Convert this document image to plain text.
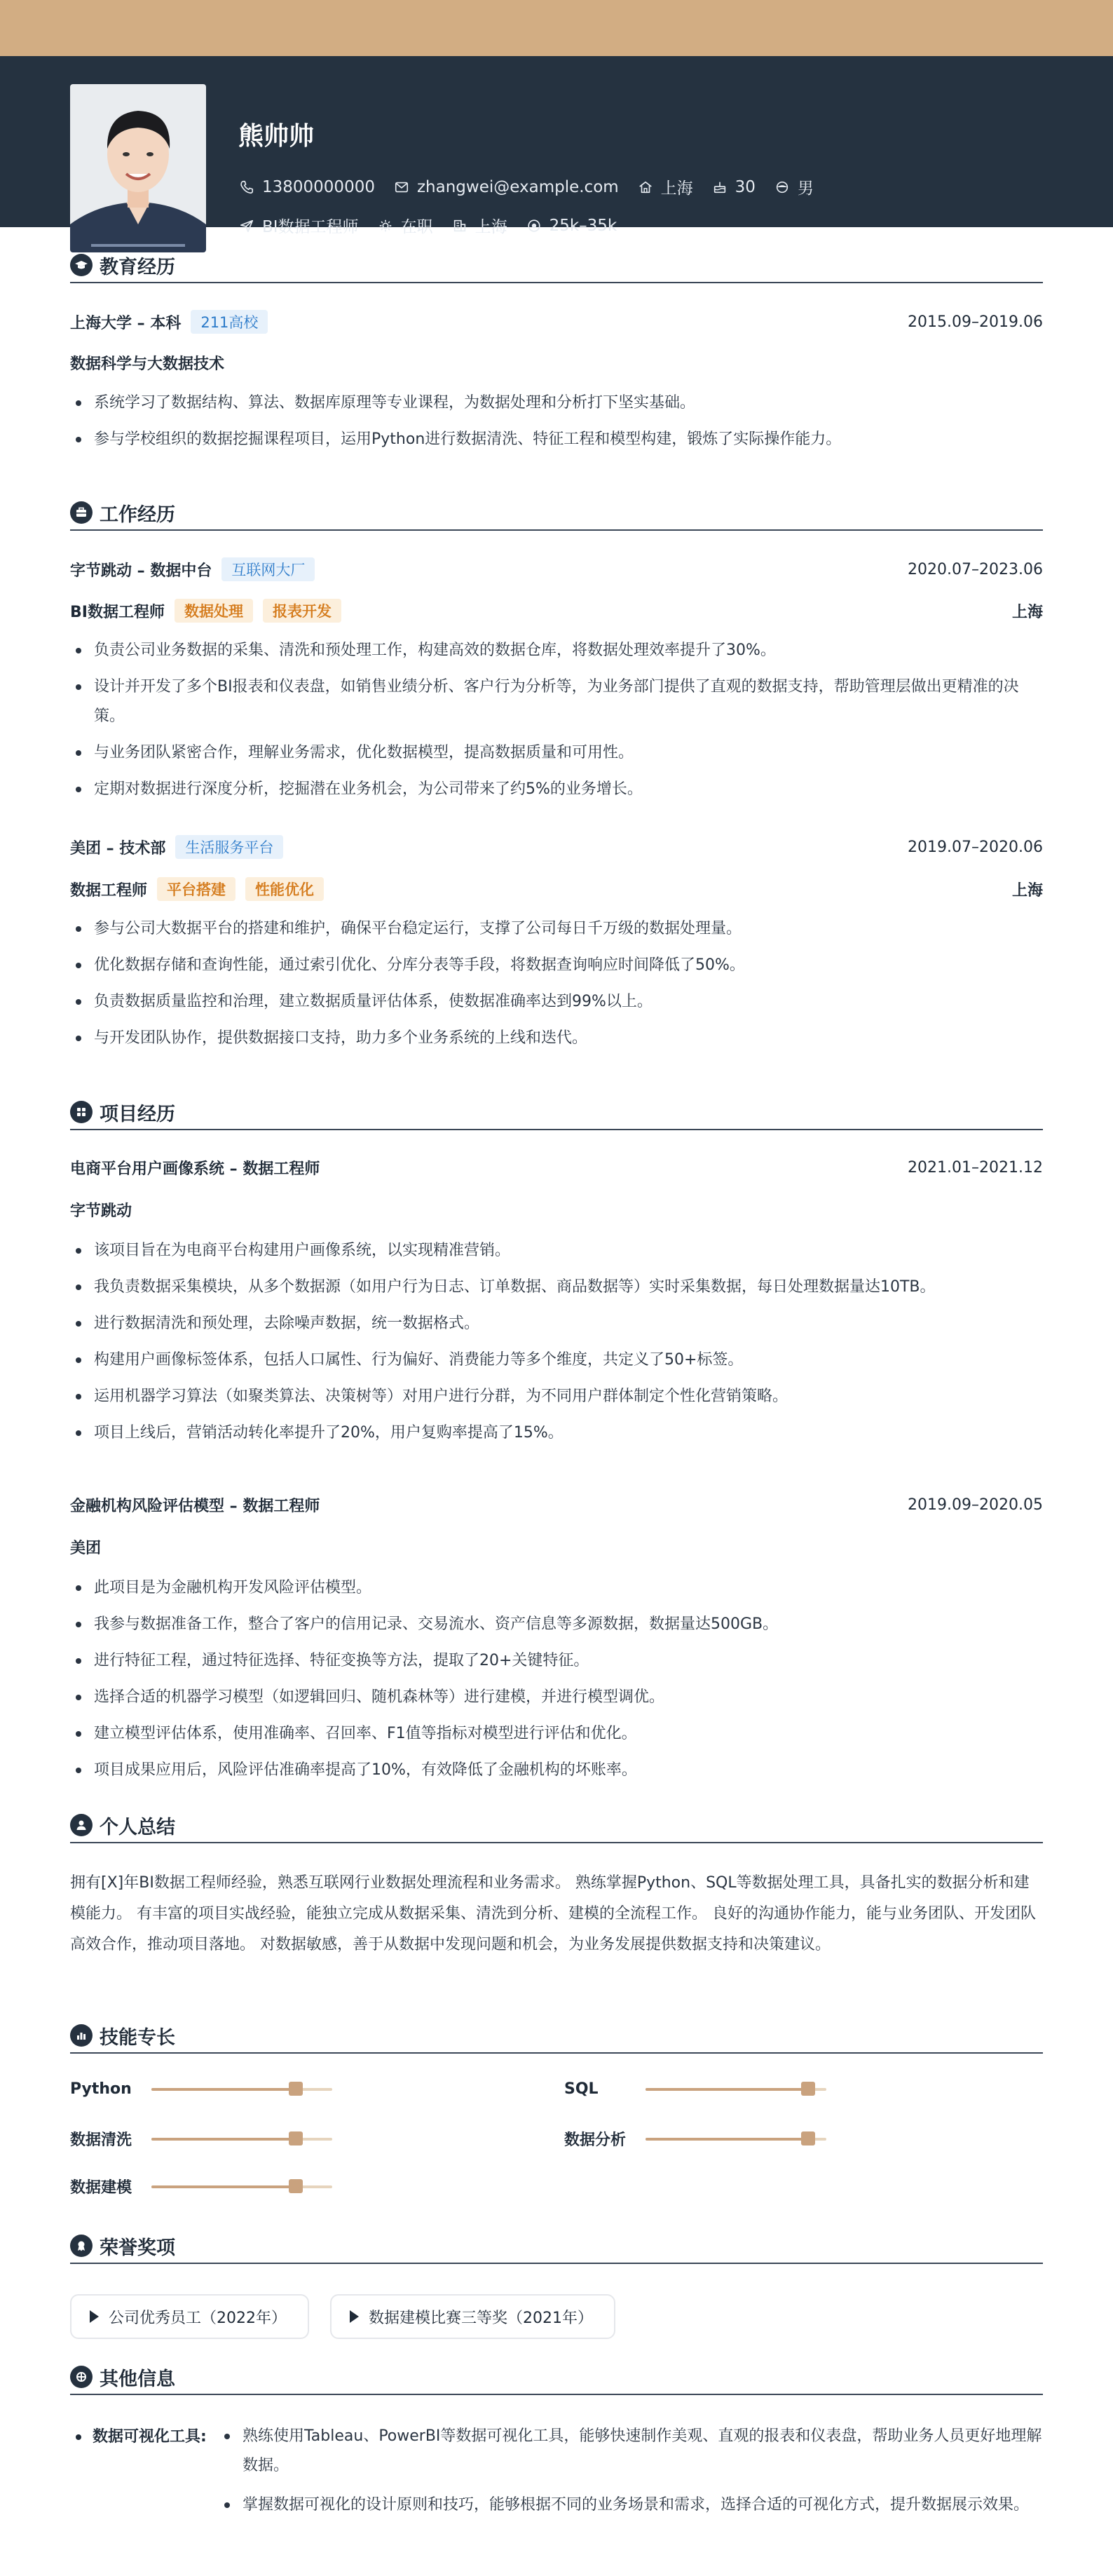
熊帅帅
13800000000	zhangwei@example.com	上海	30	男
BI数据工程师	在职	上海	25k–35k
教育经历
上海大学 – 本科	211高校	2015.09–2019.06
数据科学与大数据技术
系统学习了数据结构、算法、数据库原理等专业课程，为数据处理和分析打下坚实基础。
参与学校组织的数据挖掘课程项目，运用Python进行数据清洗、特征工程和模型构建，锻炼了实际操作能力。
工作经历
字节跳动 – 数据中台	互联网大厂	2020.07–2023.06
BI数据工程师	数据处理	报表开发	上海
负责公司业务数据的采集、清洗和预处理工作，构建高效的数据仓库，将数据处理效率提升了30%。
设计并开发了多个BI报表和仪表盘，如销售业绩分析、客户行为分析等，为业务部门提供了直观的数据支持，帮助管理层做出更精准的决策。
与业务团队紧密合作，理解业务需求，优化数据模型，提高数据质量和可用性。
定期对数据进行深度分析，挖掘潜在业务机会，为公司带来了约5%的业务增长。
美团 – 技术部	生活服务平台	2019.07–2020.06
数据工程师	平台搭建	性能优化	上海
参与公司大数据平台的搭建和维护，确保平台稳定运行，支撑了公司每日千万级的数据处理量。
优化数据存储和查询性能，通过索引优化、分库分表等手段，将数据查询响应时间降低了50%。
负责数据质量监控和治理，建立数据质量评估体系，使数据准确率达到99%以上。
与开发团队协作，提供数据接口支持，助力多个业务系统的上线和迭代。
项目经历
电商平台用户画像系统 – 数据工程师	2021.01–2021.12
字节跳动
该项目旨在为电商平台构建用户画像系统，以实现精准营销。
我负责数据采集模块，从多个数据源（如用户行为日志、订单数据、商品数据等）实时采集数据，每日处理数据量达10TB。
进行数据清洗和预处理，去除噪声数据，统一数据格式。
构建用户画像标签体系，包括人口属性、行为偏好、消费能力等多个维度，共定义了50+标签。
运用机器学习算法（如聚类算法、决策树等）对用户进行分群，为不同用户群体制定个性化营销策略。
项目上线后，营销活动转化率提升了20%，用户复购率提高了15%。
金融机构风险评估模型 – 数据工程师	2019.09–2020.05
美团
此项目是为金融机构开发风险评估模型。
我参与数据准备工作，整合了客户的信用记录、交易流水、资产信息等多源数据，数据量达500GB。
进行特征工程，通过特征选择、特征变换等方法，提取了20+关键特征。
选择合适的机器学习模型（如逻辑回归、随机森林等）进行建模，并进行模型调优。
建立模型评估体系，使用准确率、召回率、F1值等指标对模型进行评估和优化。
项目成果应用后，风险评估准确率提高了10%，有效降低了金融机构的坏账率。
个人总结
拥有[X]年BI数据工程师经验，熟悉互联网行业数据处理流程和业务需求。 熟练掌握Python、SQL等数据处理工具，具备扎实的数据分析和建模能力。 有丰富的项目实战经验，能独立完成从数据采集、清洗到分析、建模的全流程工作。 良好的沟通协作能力，能与业务团队、开发团队高效合作，推动项目落地。 对数据敏感，善于从数据中发现问题和机会，为业务发展提供数据支持和决策建议。
技能专长
Python	SQL
数据清洗	数据分析
数据建模
荣誉奖项
公司优秀员工（2022年）	数据建模比赛三等奖（2021年）
其他信息
数据可视化工具:	熟练使用Tableau、PowerBI等数据可视化工具，能够快速制作美观、直观的报表和仪表盘，帮助业务人员更好地理解数据。
掌握数据可视化的设计原则和技巧，能够根据不同的业务场景和需求，选择合适的可视化方式，提升数据展示效果。
